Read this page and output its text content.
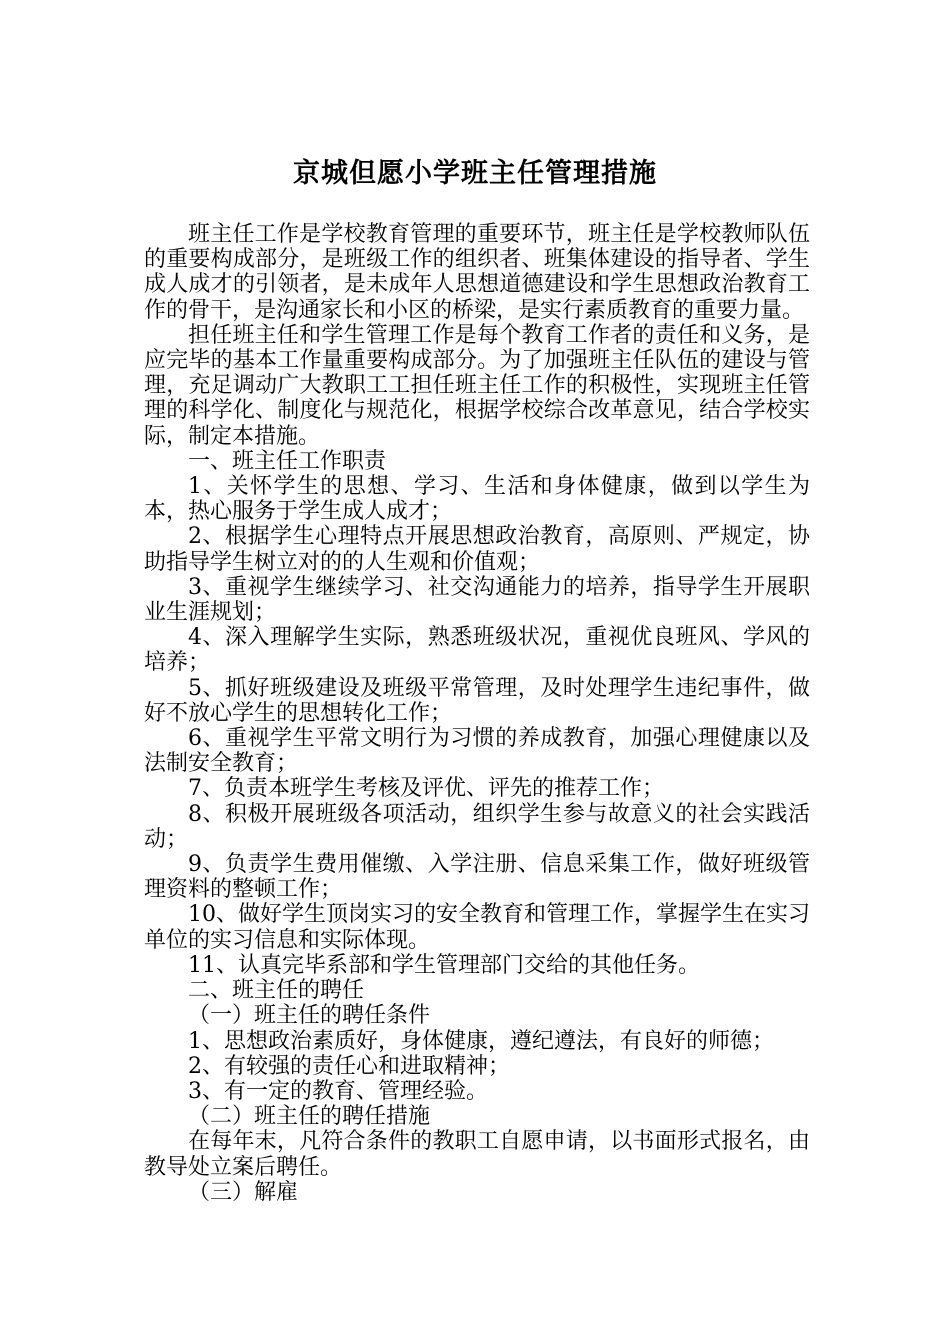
京城但愿小学班主任管理措施

班主任工作是学校教育管理的重要环节，班主任是学校教师队伍的重要构成部分，是班级工作的组织者、班集体建设的指导者、学生成人成才的引领者，是未成年人思想道德建设和学生思想政治教育工作的骨干，是沟通家长和小区的桥梁，是实行素质教育的重要力量。

担任班主任和学生管理工作是每个教育工作者的责任和义务，是应完毕的基本工作量重要构成部分。为了加强班主任队伍的建设与管理，充足调动广大教职工工担任班主任工作的积极性，实现班主任管理的科学化、制度化与规范化，根据学校综合改革意见，结合学校实际，制定本措施。

一、班主任工作职责

1、关怀学生的思想、学习、生活和身体健康，做到以学生为本，热心服务于学生成人成才；

2、根据学生心理特点开展思想政治教育，高原则、严规定，协助指导学生树立对的的人生观和价值观；

3、重视学生继续学习、社交沟通能力的培养，指导学生开展职业生涯规划；

4、深入理解学生实际，熟悉班级状况，重视优良班风、学风的培养；

5、抓好班级建设及班级平常管理，及时处理学生违纪事件，做好不放心学生的思想转化工作；

6、重视学生平常文明行为习惯的养成教育，加强心理健康以及法制安全教育；

7、负责本班学生考核及评优、评先的推荐工作；

8、积极开展班级各项活动，组织学生参与故意义的社会实践活动；

9、负责学生费用催缴、入学注册、信息采集工作，做好班级管理资料的整顿工作；

10、做好学生顶岗实习的安全教育和管理工作，掌握学生在实习单位的实习信息和实际体现。

11、认真完毕系部和学生管理部门交给的其他任务。

二、班主任的聘任

（一）班主任的聘任条件

1、思想政治素质好，身体健康，遵纪遵法，有良好的师德；

2、有较强的责任心和进取精神；

3、有一定的教育、管理经验。

（二）班主任的聘任措施

在每年末，凡符合条件的教职工自愿申请，以书面形式报名，由教导处立案后聘任。

（三）解雇
